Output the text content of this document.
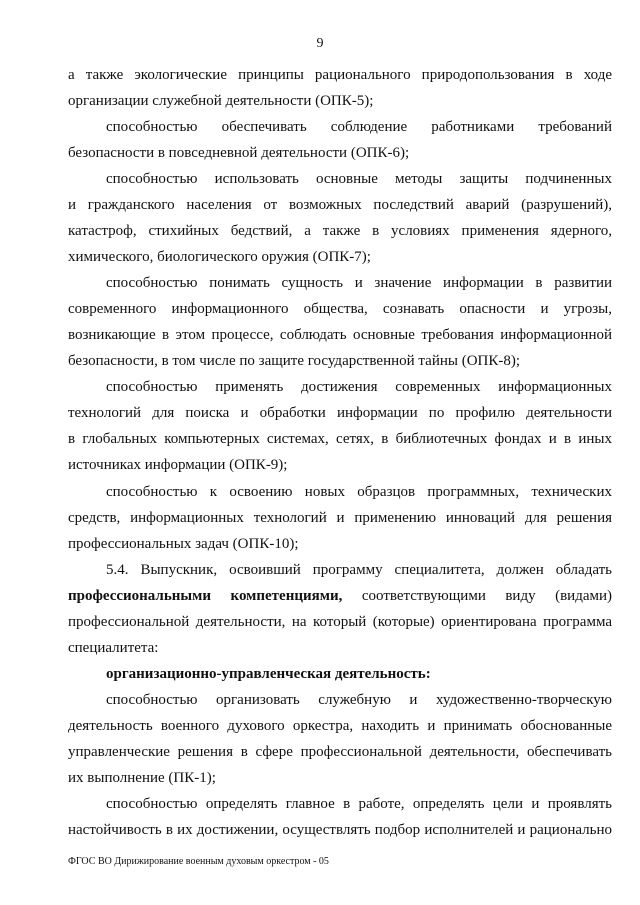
9
а также экологические принципы рационального природопользования в ходе
организации служебной деятельности (ОПК-5);
способностью обеспечивать соблюдение работниками требований
безопасности в повседневной деятельности (ОПК-6);
способностью использовать основные методы защиты подчиненных
и гражданского населения от возможных последствий аварий (разрушений),
катастроф, стихийных бедствий, а также в условиях применения ядерного,
химического, биологического оружия (ОПК-7);
способностью понимать сущность и значение информации в развитии
современного информационного общества, сознавать опасности и угрозы,
возникающие в этом процессе, соблюдать основные требования информационной
безопасности, в том числе по защите государственной тайны (ОПК-8);
способностью применять достижения современных информационных
технологий для поиска и обработки информации по профилю деятельности
в глобальных компьютерных системах, сетях, в библиотечных фондах и в иных
источниках информации (ОПК-9);
способностью к освоению новых образцов программных, технических
средств, информационных технологий и применению инноваций для решения
профессиональных задач (ОПК-10);
5.4. Выпускник, освоивший программу специалитета, должен обладать
профессиональными компетенциями, соответствующими виду (видами)
профессиональной деятельности, на который (которые) ориентирована программа
специалитета:
организационно-управленческая деятельность:
способностью организовать служебную и художественно-творческую
деятельность военного духового оркестра, находить и принимать обоснованные
управленческие решения в сфере профессиональной деятельности, обеспечивать
их выполнение (ПК-1);
способностью определять главное в работе, определять цели и проявлять
настойчивость в их достижении, осуществлять подбор исполнителей и рационально
ФГОС ВО Дирижирование военным духовым оркестром - 05
